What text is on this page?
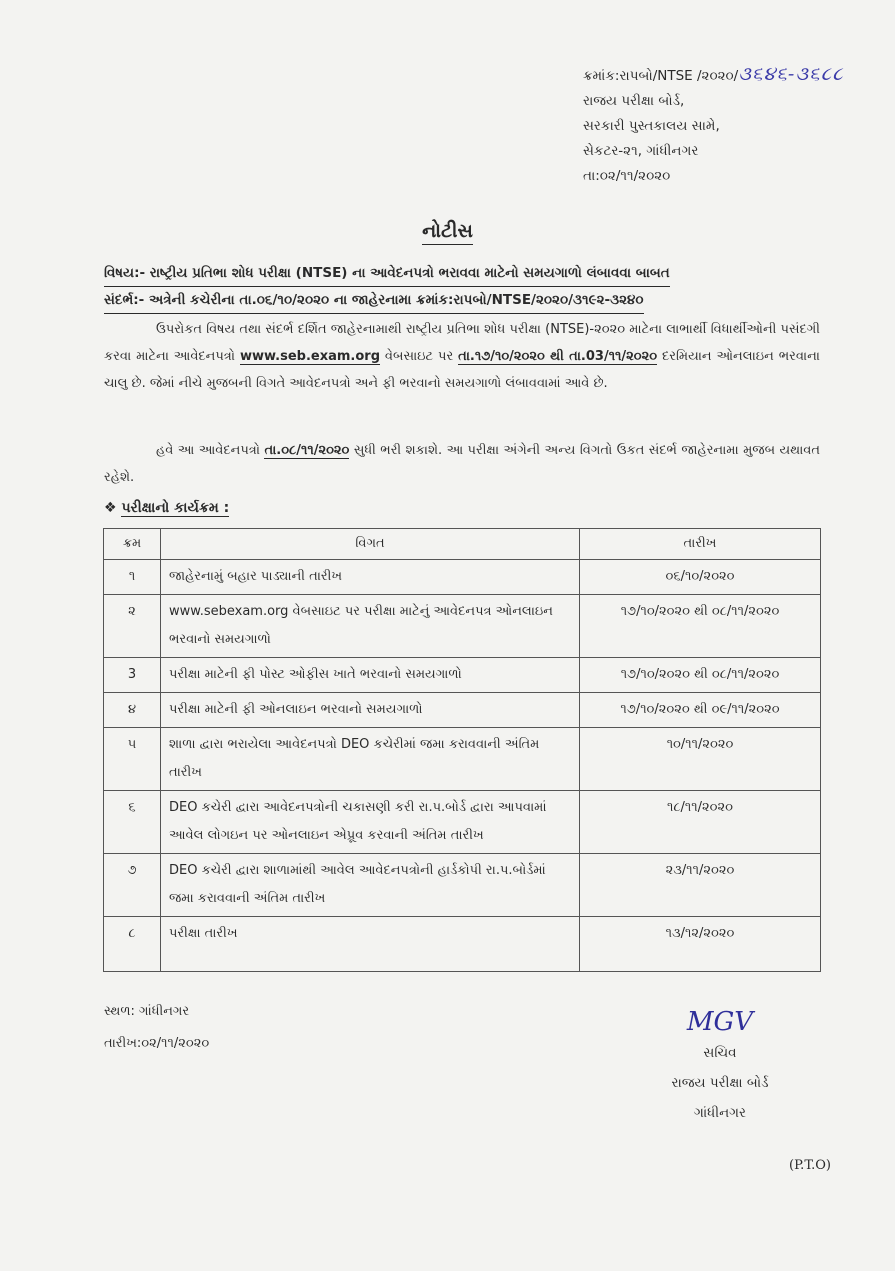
ક્રમાંક:રાપબો/NTSE /૨૦૨૦/૩૬૪૬-૩૬૮૮
રાજય પરીક્ષા બોર્ડ,
સરકારી પુસ્તકાલય સામે,
સેકટર-૨૧, ગાંધીનગર
તા:૦૨/૧૧/૨૦૨૦
નોટીસ
વિષય:- રાષ્ટ્રીય પ્રતિભા શોધ પરીક્ષા (NTSE) ના આવેદનપત્રો ભરાવવા માટેનો સમયગાળો લંબાવવા બાબત
સંદર્ભ:- અત્રેની કચેરીના તા.૦૬/૧૦/૨૦૨૦ ના જાહેરનામા ક્રમાંક:રાપબો/NTSE/૨૦૨૦/૩૧૯૨-૩૨૪૦
ઉપરોકત વિષય તથા સંદર્ભ દર્શિત જાહેરનામાથી રાષ્ટ્રીય પ્રતિભા શોધ પરીક્ષા (NTSE)-૨૦૨૦ માટેના લાભાર્થી વિધાર્થીઓની પસંદગી કરવા માટેના આવેદનપત્રો www.seb.exam.org વેબસાઇટ પર તા.૧૭/૧૦/૨૦૨૦ થી તા.03/૧૧/૨૦૨૦ દરમિયાન ઓનલાઇન ભરવાના ચાલુ છે. જેમાં નીચે મુજબની વિગતે આવેદનપત્રો અને ફી ભરવાનો સમયગાળો લંબાવવામાં આવે છે.
હવે આ આવેદનપત્રો તા.૦૮/૧૧/૨૦૨૦ સુધી ભરી શકાશે. આ પરીક્ષા અંગેની અન્ય વિગતો ઉકત સંદર્ભ જાહેરનામા મુજબ યથાવત રહેશે.
❖ પરીક્ષાનો કાર્યક્રમ :
ક્રમ	વિગત	તારીખ
૧	જાહેરનામું બહાર પાડ્યાની તારીખ	૦૬/૧૦/૨૦૨૦
૨	www.sebexam.org વેબસાઇટ પર પરીક્ષા માટેનું આવેદનપત્ર ઓનલાઇન ભરવાનો સમયગાળો	૧૭/૧૦/૨૦૨૦ થી ૦૮/૧૧/૨૦૨૦
3	પરીક્ષા માટેની ફી પોસ્ટ ઓફીસ ખાતે ભરવાનો સમયગાળો	૧૭/૧૦/૨૦૨૦ થી ૦૮/૧૧/૨૦૨૦
૪	પરીક્ષા માટેની ફી ઓનલાઇન ભરવાનો સમયગાળો	૧૭/૧૦/૨૦૨૦ થી ૦૯/૧૧/૨૦૨૦
૫	શાળા દ્વારા ભરાયેલા આવેદનપત્રો DEO કચેરીમાં જમા કરાવવાની અંતિમ તારીખ	૧૦/૧૧/૨૦૨૦
૬	DEO કચેરી દ્વારા આવેદનપત્રોની ચકાસણી કરી રા.પ.બોર્ડ દ્વારા આપવામાં આવેલ લોગઇન પર ઓનલાઇન એપ્રૂવ કરવાની અંતિમ તારીખ	૧૮/૧૧/૨૦૨૦
૭	DEO કચેરી દ્વારા શાળામાંથી આવેલ આવેદનપત્રોની હાર્ડકોપી રા.પ.બોર્ડમાં જમા કરાવવાની અંતિમ તારીખ	૨૩/૧૧/૨૦૨૦
૮	પરીક્ષા તારીખ	૧૩/૧૨/૨૦૨૦
સ્થળ: ગાંધીનગર
તારીખ:૦૨/૧૧/૨૦૨૦
MGV
સચિવ
રાજય પરીક્ષા બોર્ડ
ગાંધીનગર
(P.T.O)
